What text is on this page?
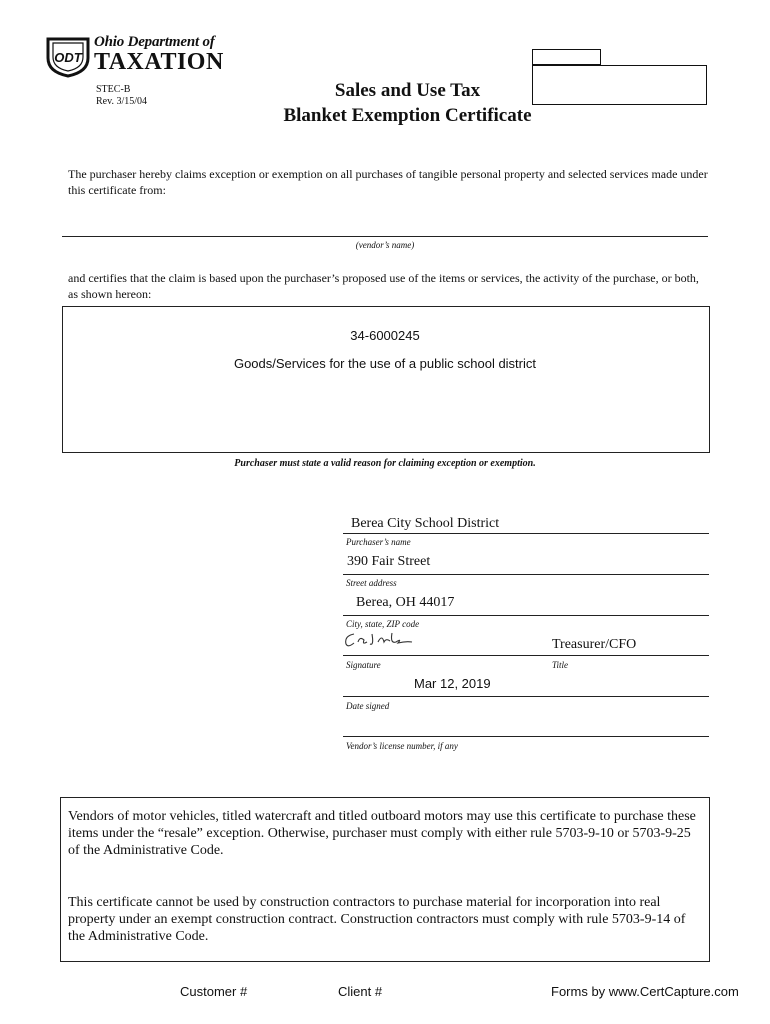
ODT
Ohio Department of
TAXATION
STEC-B
Rev. 3/15/04
Sales and Use Tax
Blanket Exemption Certificate
The purchaser hereby claims exception or exemption on all purchases of tangible personal property and selected services made under this certificate from:
(vendor’s name)
and certifies that the claim is based upon the purchaser’s proposed use of the items or services, the activity of the purchase, or both, as shown hereon:
34-6000245
Goods/Services for the use of a public school district
Purchaser must state a valid reason for claiming exception or exemption.
Berea City School District
Purchaser’s name
390 Fair Street
Street address
Berea, OH 44017
City, state, ZIP code
Treasurer/CFO
Signature	Title
Mar 12, 2019
Date signed
Vendor’s license number, if any
Vendors of motor vehicles, titled watercraft and titled outboard motors may use this certificate to purchase these items under the “resale” exception. Otherwise, purchaser must comply with either rule 5703-9-10 or 5703-9-25 of the Administrative Code.
This certificate cannot be used by construction contractors to purchase material for incorporation into real property under an exempt construction contract. Construction contractors must comply with rule 5703-9-14 of the Administrative Code.
Customer #	Client #	Forms by www.CertCapture.com
